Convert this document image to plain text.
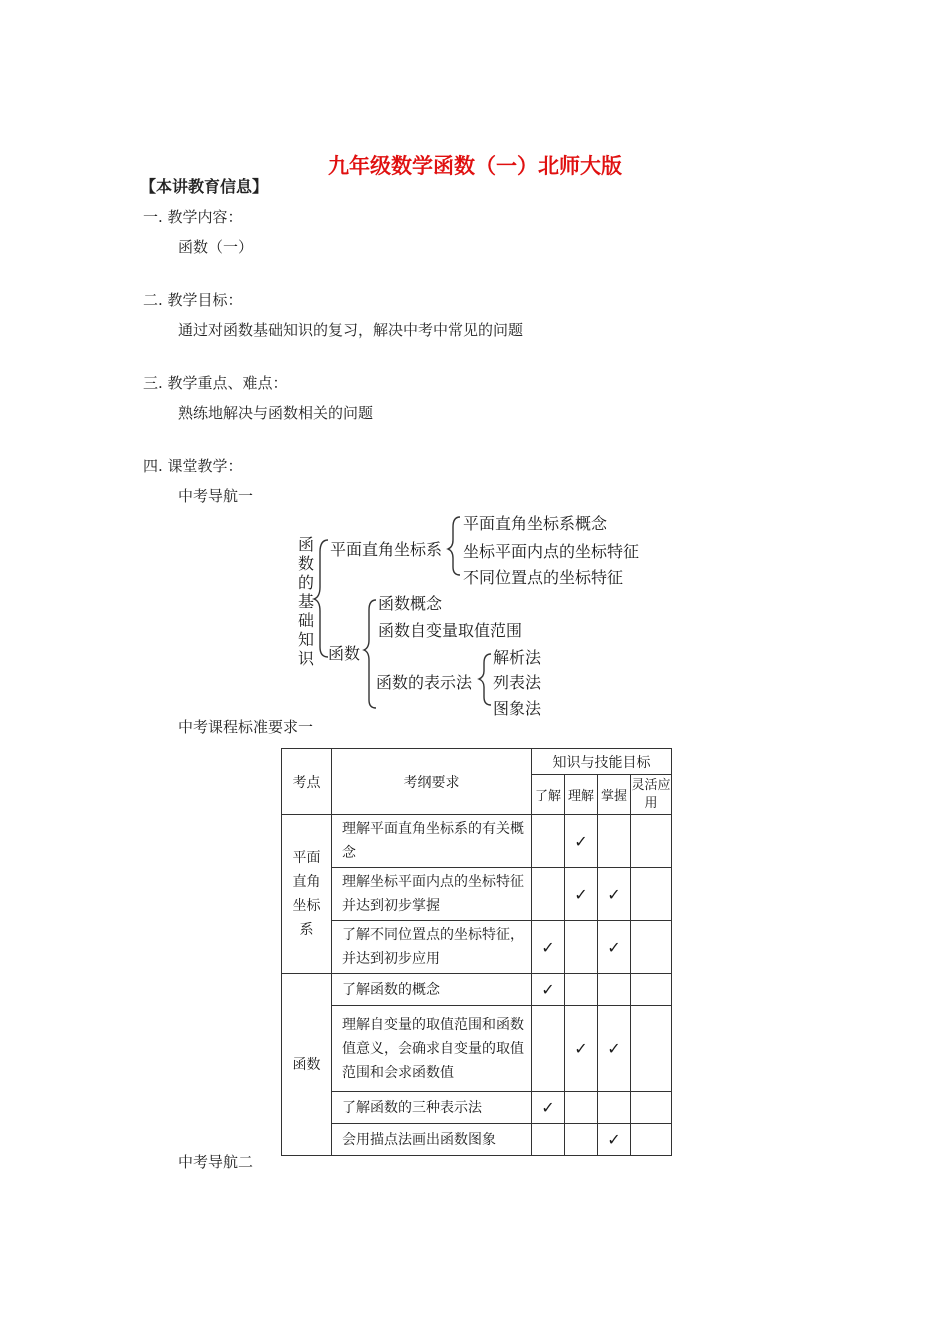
九年级数学函数（一）北师大版
【本讲教育信息】
一. 教学内容：
函数（一）
二. 教学目标：
通过对函数基础知识的复习，解决中考中常见的问题
三. 教学重点、难点：
熟练地解决与函数相关的问题
四. 课堂教学：
中考导航一
函数的基础知识
平面直角坐标系
平面直角坐标系概念
坐标平面内点的坐标特征
不同位置点的坐标特征
函数
函数概念
函数自变量取值范围
函数的表示法
解析法
列表法
图象法
中考课程标准要求一
考点	考纲要求	知识与技能目标			
		了解	理解	掌握	灵活应用
平面直角坐标系	理解平面直角坐标系的有关概念		✓		
	理解坐标平面内点的坐标特征并达到初步掌握		✓	✓	
	了解不同位置点的坐标特征，并达到初步应用	✓		✓	
函数	了解函数的概念	✓			
	理解自变量的取值范围和函数值意义，会确求自变量的取值范围和会求函数值		✓	✓	
	了解函数的三种表示法	✓			
	会用描点法画出函数图象			✓	
中考导航二
